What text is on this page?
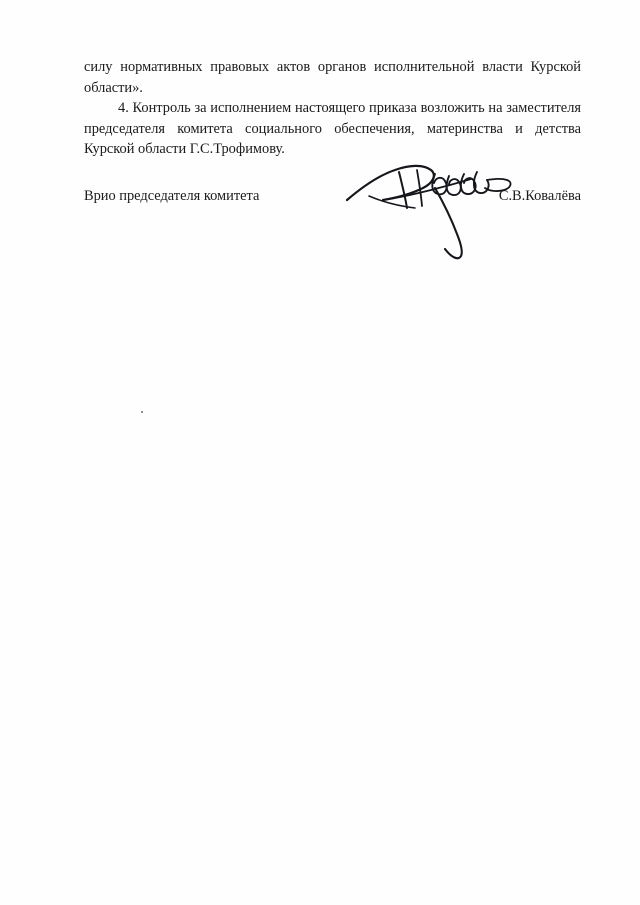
силу нормативных правовых актов органов исполнительной власти Курской области».

4. Контроль за исполнением настоящего приказа возложить на заместителя председателя комитета социального обеспечения, материнства и детства Курской области Г.С.Трофимову.

Врио председателя комитета	С.В.Ковалёва
